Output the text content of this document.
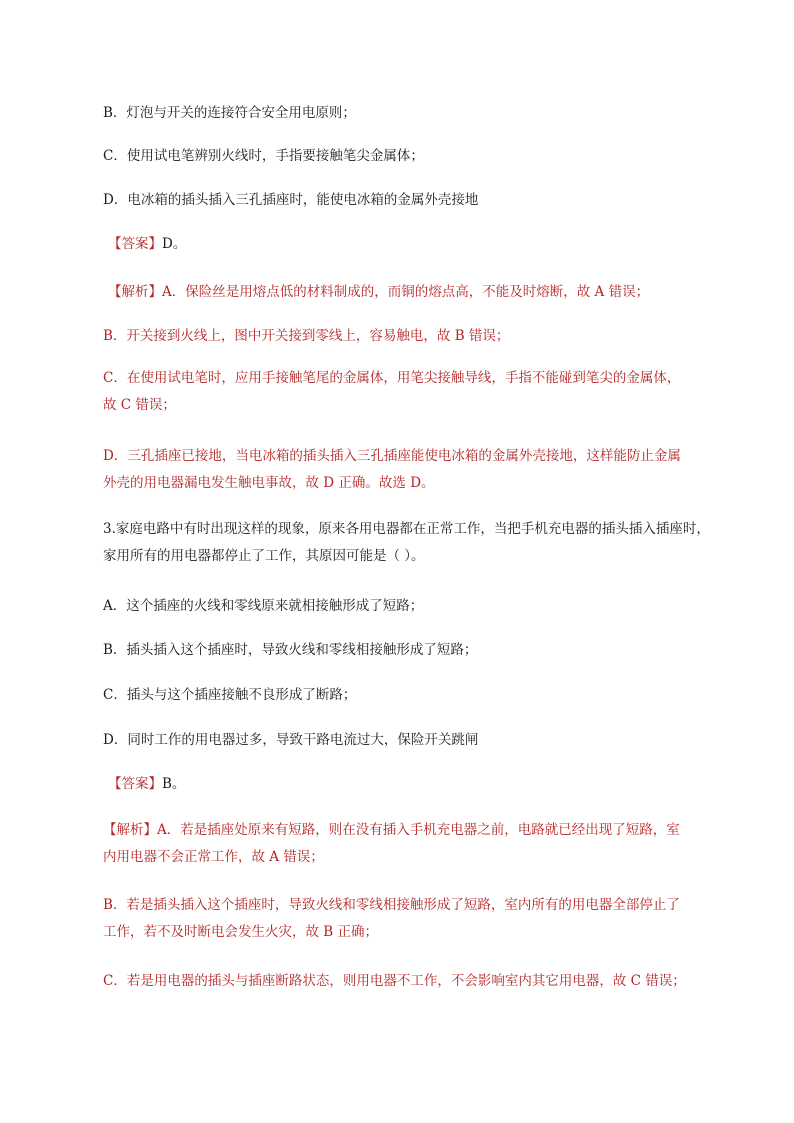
B．灯泡与开关的连接符合安全用电原则；
C．使用试电笔辨别火线时，手指要接触笔尖金属体；
D．电冰箱的插头插入三孔插座时，能使电冰箱的金属外壳接地
【答案】D。
【解析】A．保险丝是用熔点低的材料制成的，而铜的熔点高，不能及时熔断，故 A 错误；
B．开关接到火线上，图中开关接到零线上，容易触电，故 B 错误；
C．在使用试电笔时，应用手接触笔尾的金属体，用笔尖接触导线，手指不能碰到笔尖的金属体，故 C 错误；
D．三孔插座已接地，当电冰箱的插头插入三孔插座能使电冰箱的金属外壳接地，这样能防止金属外壳的用电器漏电发生触电事故，故 D 正确。故选 D。
3.家庭电路中有时出现这样的现象，原来各用电器都在正常工作，当把手机充电器的插头插入插座时，家用所有的用电器都停止了工作，其原因可能是（ ）。
A．这个插座的火线和零线原来就相接触形成了短路；
B．插头插入这个插座时，导致火线和零线相接触形成了短路；
C．插头与这个插座接触不良形成了断路；
D．同时工作的用电器过多，导致干路电流过大，保险开关跳闸
【答案】B。
【解析】A．若是插座处原来有短路，则在没有插入手机充电器之前，电路就已经出现了短路，室内用电器不会正常工作，故 A 错误；
B．若是插头插入这个插座时，导致火线和零线相接触形成了短路，室内所有的用电器全部停止了工作，若不及时断电会发生火灾，故 B 正确；
C．若是用电器的插头与插座断路状态，则用电器不工作，不会影响室内其它用电器，故 C 错误；
